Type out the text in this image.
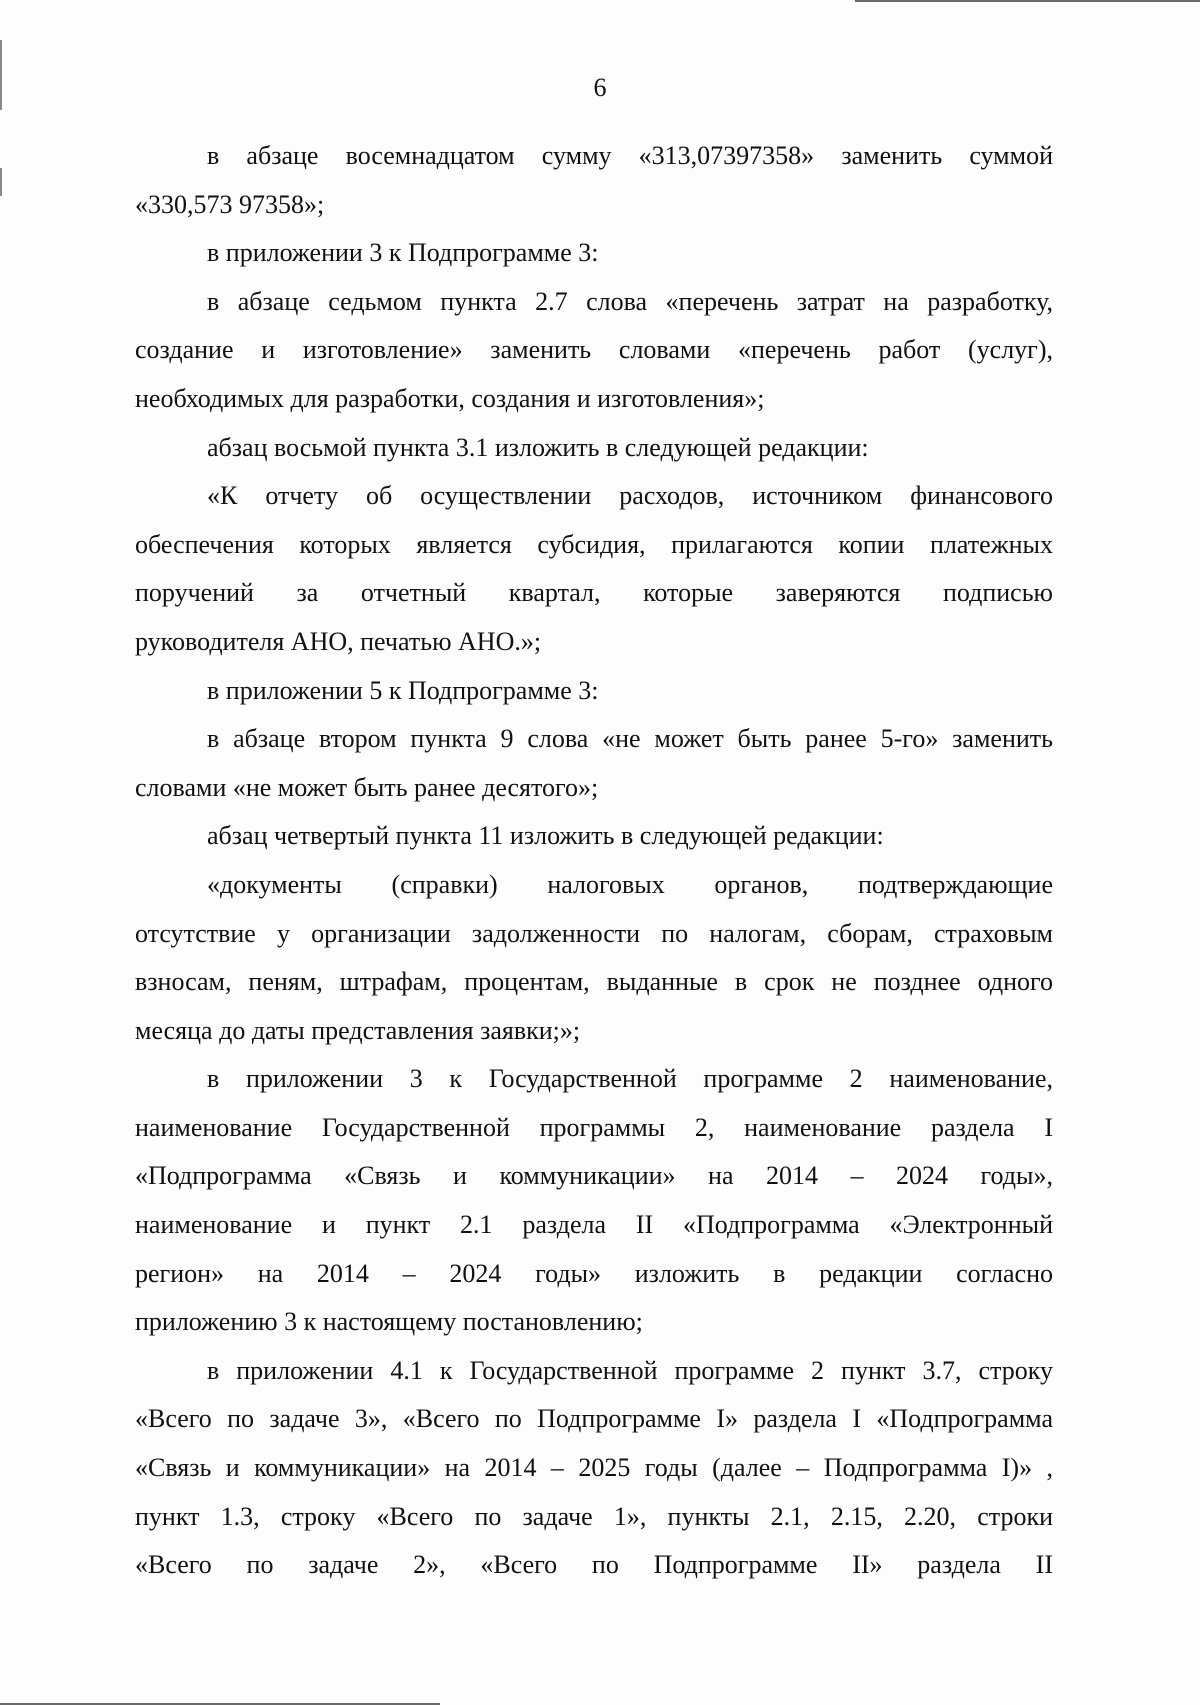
6
в абзаце восемнадцатом сумму «313,07397358» заменить суммой
«330,573 97358»;
в приложении 3 к Подпрограмме 3:
в абзаце седьмом пункта 2.7 слова «перечень затрат на разработку,
создание и изготовление» заменить словами «перечень работ (услуг),
необходимых для разработки, создания и изготовления»;
абзац восьмой пункта 3.1 изложить в следующей редакции:
«К отчету об осуществлении расходов, источником финансового
обеспечения которых является субсидия, прилагаются копии платежных
поручений за отчетный квартал, которые заверяются подписью
руководителя АНО, печатью АНО.»;
в приложении 5 к Подпрограмме 3:
в абзаце втором пункта 9 слова «не может быть ранее 5-го» заменить
словами «не может быть ранее десятого»;
абзац четвертый пункта 11 изложить в следующей редакции:
«документы (справки) налоговых органов, подтверждающие
отсутствие у организации задолженности по налогам, сборам, страховым
взносам, пеням, штрафам, процентам, выданные в срок не позднее одного
месяца до даты представления заявки;»;
в приложении 3 к Государственной программе 2 наименование,
наименование Государственной программы 2, наименование раздела I
«Подпрограмма «Связь и коммуникации» на 2014 – 2024 годы»,
наименование и пункт 2.1 раздела II «Подпрограмма «Электронный
регион» на 2014 – 2024 годы» изложить в редакции согласно
приложению 3 к настоящему постановлению;
в приложении 4.1 к Государственной программе 2 пункт 3.7, строку
«Всего по задаче 3», «Всего по Подпрограмме I» раздела I «Подпрограмма
«Связь и коммуникации» на 2014 – 2025 годы (далее – Подпрограмма I)» ,
пункт 1.3, строку «Всего по задаче 1», пункты 2.1, 2.15, 2.20, строки
«Всего по задаче 2», «Всего по Подпрограмме II» раздела II
